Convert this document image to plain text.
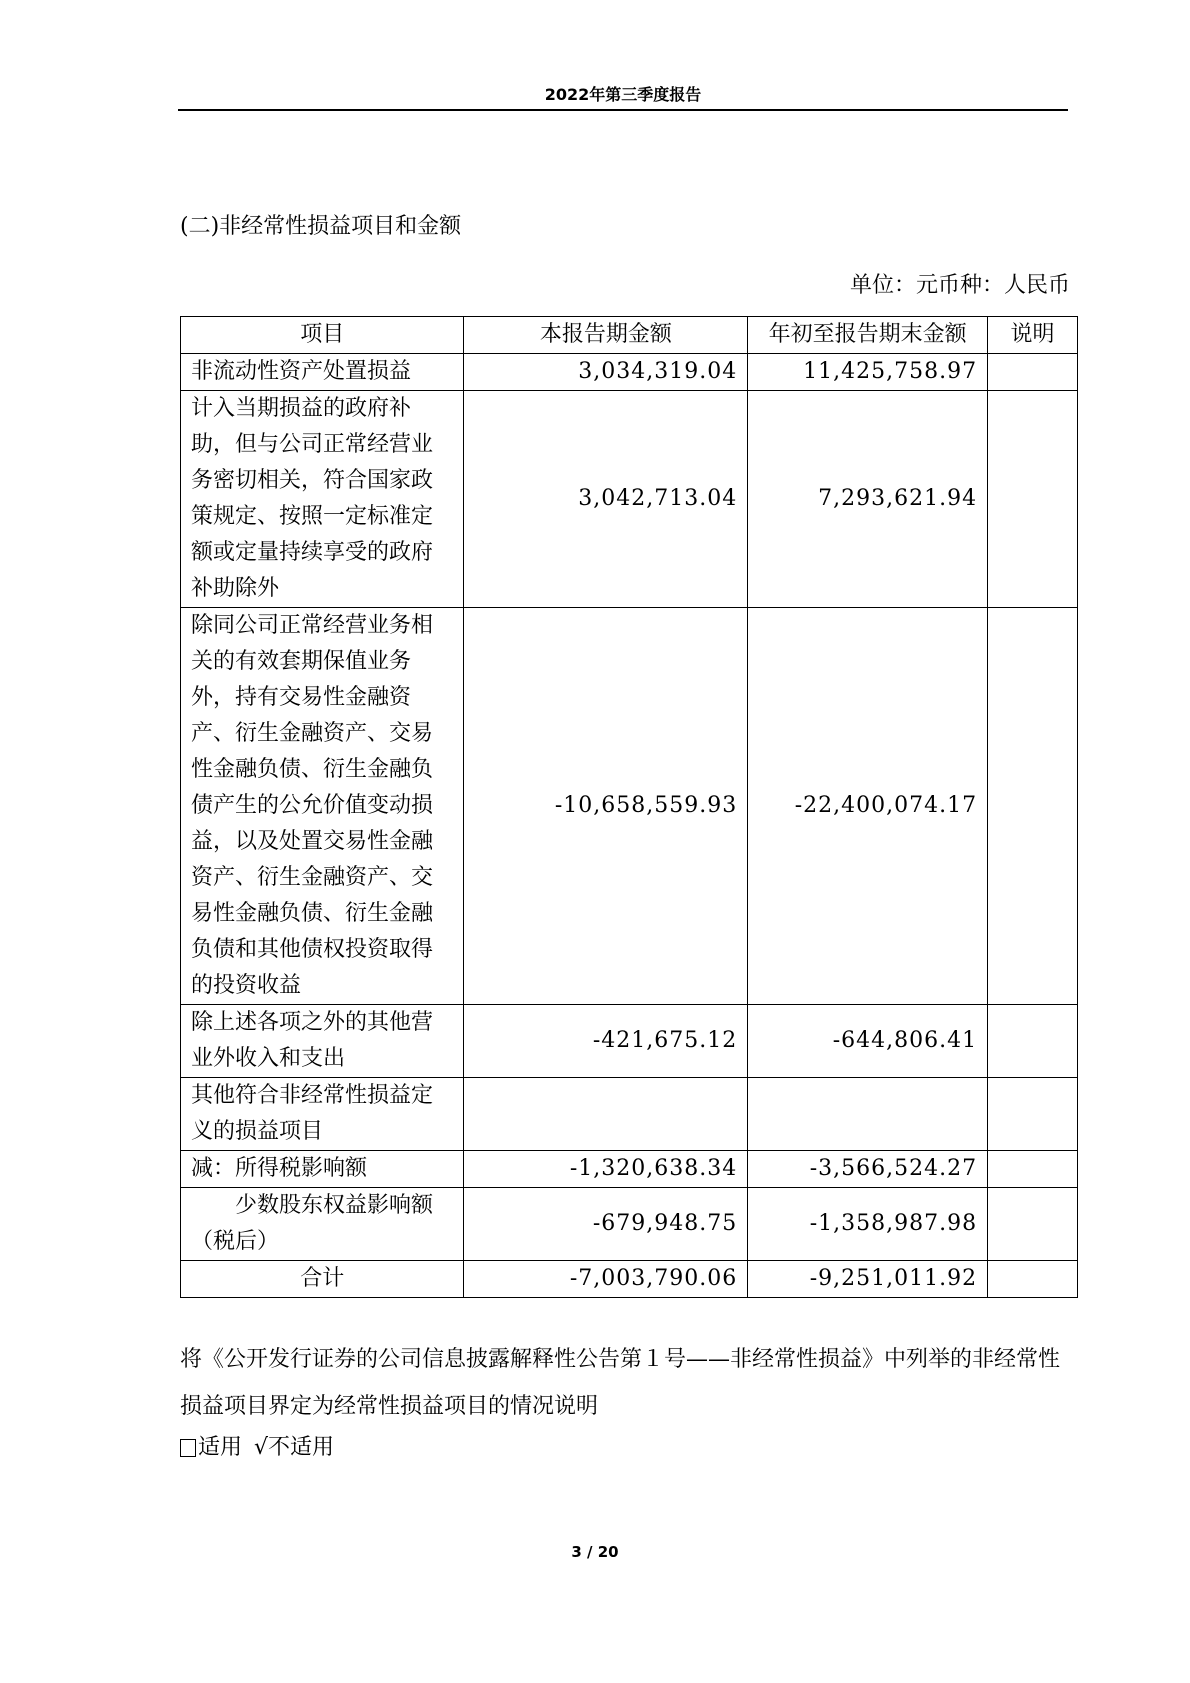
2022年第三季度报告
(二)非经常性损益项目和金额
单位：元币种：人民币
项目	本报告期金额	年初至报告期末金额	说明
非流动性资产处置损益	3,034,319.04	11,425,758.97	
计入当期损益的政府补助，但与公司正常经营业务密切相关，符合国家政策规定、按照一定标准定额或定量持续享受的政府补助除外	3,042,713.04	7,293,621.94	
除同公司正常经营业务相关的有效套期保值业务外，持有交易性金融资产、衍生金融资产、交易性金融负债、衍生金融负债产生的公允价值变动损益，以及处置交易性金融资产、衍生金融资产、交易性金融负债、衍生金融负债和其他债权投资取得的投资收益	-10,658,559.93	-22,400,074.17	
除上述各项之外的其他营业外收入和支出	-421,675.12	-644,806.41	
其他符合非经常性损益定义的损益项目			
减：所得税影响额	-1,320,638.34	-3,566,524.27	
少数股东权益影响额（税后）	-679,948.75	-1,358,987.98	
合计	-7,003,790.06	-9,251,011.92	
将《公开发行证券的公司信息披露解释性公告第１号——非经常性损益》中列举的非经常性损益项目界定为经常性损益项目的情况说明
适用 √不适用
3 / 20
